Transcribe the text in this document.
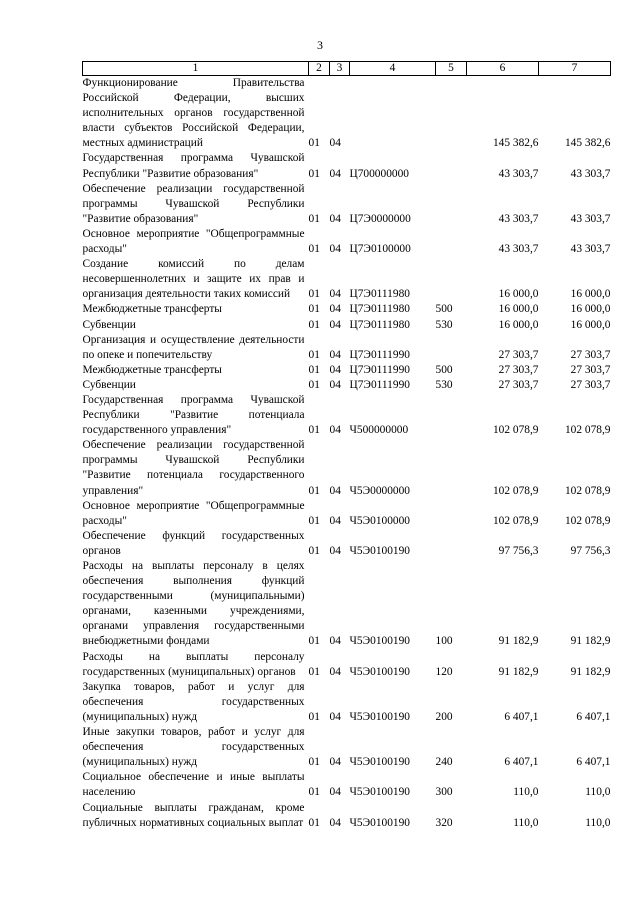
3
1	2	3	4	5	6	7
Функционирование Правительства Российской Федерации, высших исполнительных органов государственной власти субъектов Российской Федерации, местных администраций	01	04			145 382,6	145 382,6
Государственная программа Чувашской Республики "Развитие образования"	01	04	Ц700000000		43 303,7	43 303,7
Обеспечение реализации государственной программы Чувашской Республики "Развитие образования"	01	04	Ц7Э0000000		43 303,7	43 303,7
Основное мероприятие "Общепрограммные расходы"	01	04	Ц7Э0100000		43 303,7	43 303,7
Создание комиссий по делам несовершеннолетних и защите их прав и организация деятельности таких комиссий	01	04	Ц7Э0111980		16 000,0	16 000,0
Межбюджетные трансферты	01	04	Ц7Э0111980	500	16 000,0	16 000,0
Субвенции	01	04	Ц7Э0111980	530	16 000,0	16 000,0
Организация и осуществление деятельности по опеке и попечительству	01	04	Ц7Э0111990		27 303,7	27 303,7
Межбюджетные трансферты	01	04	Ц7Э0111990	500	27 303,7	27 303,7
Субвенции	01	04	Ц7Э0111990	530	27 303,7	27 303,7
Государственная программа Чувашской Республики "Развитие потенциала государственного управления"	01	04	Ч500000000		102 078,9	102 078,9
Обеспечение реализации государственной программы Чувашской Республики "Развитие потенциала государственного управления"	01	04	Ч5Э0000000		102 078,9	102 078,9
Основное мероприятие "Общепрограммные расходы"	01	04	Ч5Э0100000		102 078,9	102 078,9
Обеспечение функций государственных органов	01	04	Ч5Э0100190		97 756,3	97 756,3
Расходы на выплаты персоналу в целях обеспечения выполнения функций государственными (муниципальными) органами, казенными учреждениями, органами управления государственными внебюджетными фондами	01	04	Ч5Э0100190	100	91 182,9	91 182,9
Расходы на выплаты персоналу государственных (муниципальных) органов	01	04	Ч5Э0100190	120	91 182,9	91 182,9
Закупка товаров, работ и услуг для обеспечения государственных (муниципальных) нужд	01	04	Ч5Э0100190	200	6 407,1	6 407,1
Иные закупки товаров, работ и услуг для обеспечения государственных (муниципальных) нужд	01	04	Ч5Э0100190	240	6 407,1	6 407,1
Социальное обеспечение и иные выплаты населению	01	04	Ч5Э0100190	300	110,0	110,0
Социальные выплаты гражданам, кроме публичных нормативных социальных выплат	01	04	Ч5Э0100190	320	110,0	110,0
